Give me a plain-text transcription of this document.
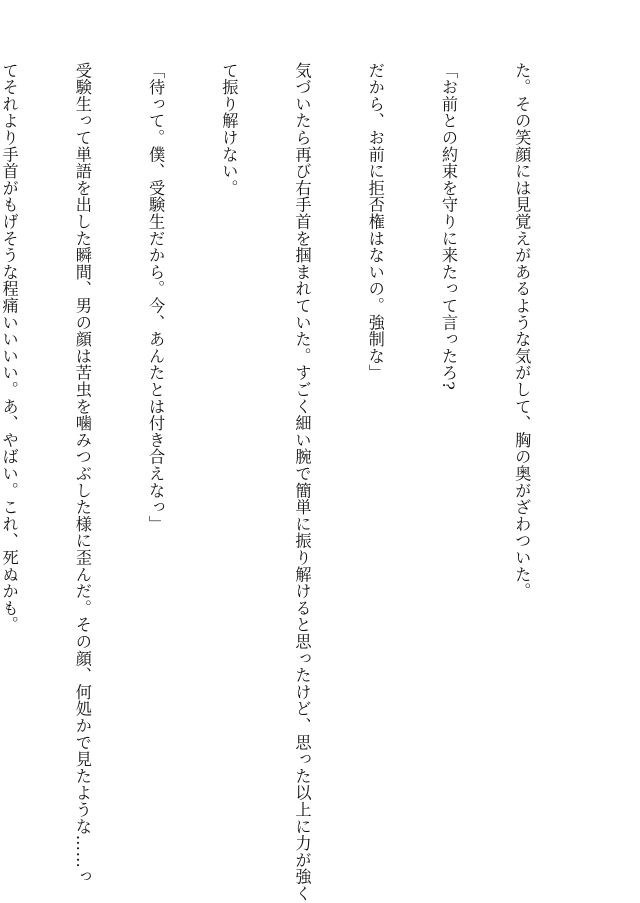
た。その笑顔には見覚えがあるような気がして、胸の奥がざわついた。

「お前との約束を守りに来たって言ったろ?

だから、お前に拒否権はないの。強制な」

気づいたら再び右手首を掴まれていた。すごく細い腕で簡単に振り解けると思ったけど、思った以上に力が強く

て振り解けない。

「待って。僕、受験生だから。今、あんたとは付き合えなっ」

受験生って単語を出した瞬間、男の顔は苦虫を噛みつぶした様に歪んだ。その顔、何処かで見たような……っ

てそれより手首がもげそうな程痛いいいい。あ、やばい。これ、死ぬかも。
